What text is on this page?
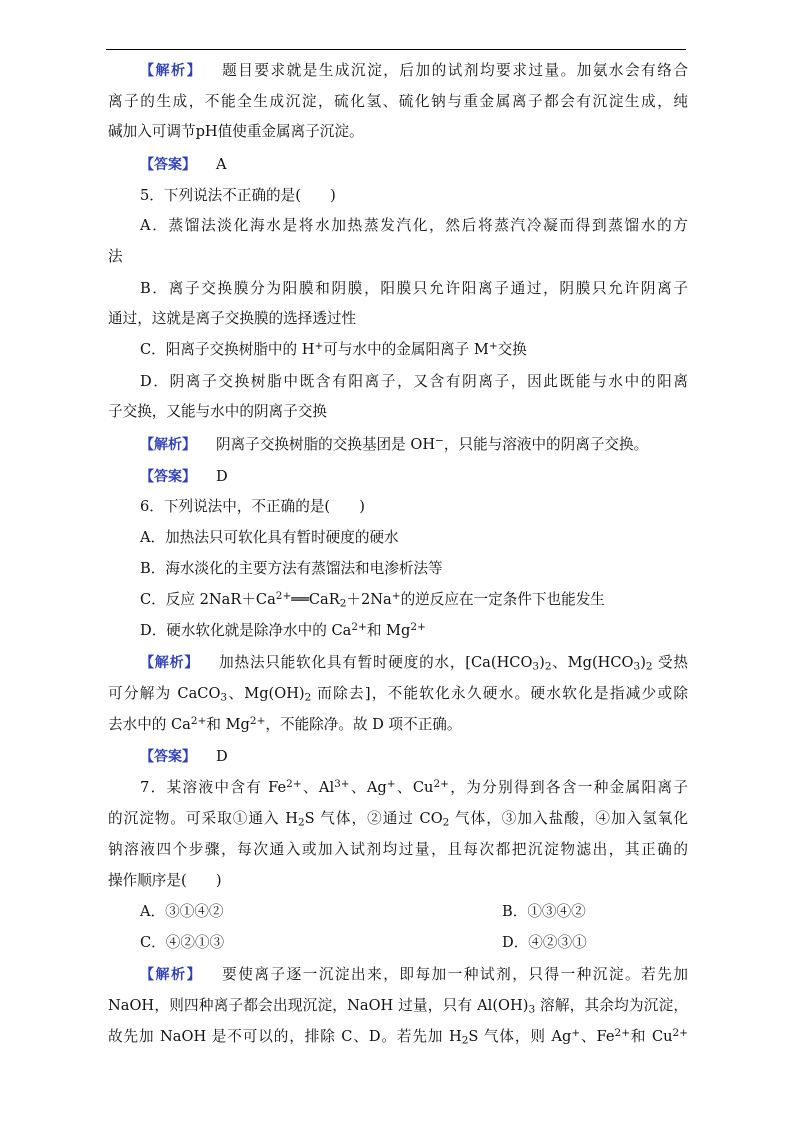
【解析】 题目要求就是生成沉淀，后加的试剂均要求过量。加氨水会有络合
离子的生成，不能全生成沉淀，硫化氢、硫化钠与重金属离子都会有沉淀生成，纯
碱加入可调节pH值使重金属离子沉淀。
【答案】 A
5．下列说法不正确的是(　　)
A．蒸馏法淡化海水是将水加热蒸发汽化，然后将蒸汽冷凝而得到蒸馏水的方
法
B．离子交换膜分为阳膜和阴膜，阳膜只允许阳离子通过，阴膜只允许阴离子
通过，这就是离子交换膜的选择透过性
C．阳离子交换树脂中的 H+可与水中的金属阳离子 M+交换
D．阴离子交换树脂中既含有阳离子，又含有阴离子，因此既能与水中的阳离
子交换，又能与水中的阴离子交换
【解析】 阴离子交换树脂的交换基团是 OH−，只能与溶液中的阴离子交换。
【答案】 D
6．下列说法中，不正确的是(　　)
A．加热法只可软化具有暂时硬度的硬水
B．海水淡化的主要方法有蒸馏法和电渗析法等
C．反应 $2NaR+Ca^{2+}══CaR_2+2Na^+$的逆反应在一定条件下也能发生
D．硬水软化就是除净水中的 $Ca^{2+}$和 $Mg^{2+}$
【解析】 加热法只能软化具有暂时硬度的水，[$Ca(HCO_3)_2$、$Mg(HCO_3)_2$ 受热
可分解为 CaCO$_3$、$Mg(OH)_2$ 而除去]，不能软化永久硬水。硬水软化是指减少或除
去水中的 $Ca^{2+}$和 $Mg^{2+}$，不能除净。故 D 项不正确。
【答案】 D
7．某溶液中含有 $Fe^{2+}$、$Al^{3+}$、Ag+、$Cu^{2+}$，为分别得到各含一种金属阳离子
的沉淀物。可采取①通入 $H_2S$ 气体，②通过 $CO_2$ 气体，③加入盐酸，④加入氢氧化
钠溶液四个步骤，每次通入或加入试剂均过量，且每次都把沉淀物滤出，其正确的
操作顺序是(　　)
A．③①④②	B．①③④②
C．④②①③	D．④②③①
【解析】 要使离子逐一沉淀出来，即每加一种试剂，只得一种沉淀。若先加
NaOH，则四种离子都会出现沉淀，NaOH 过量，只有 $Al(OH)_3$ 溶解，其余均为沉淀，
故先加 NaOH 是不可以的，排除 C、D。若先加 $H_2S$ 气体，则 Ag+、$Fe^{2+}$和 $Cu^{2+}$
